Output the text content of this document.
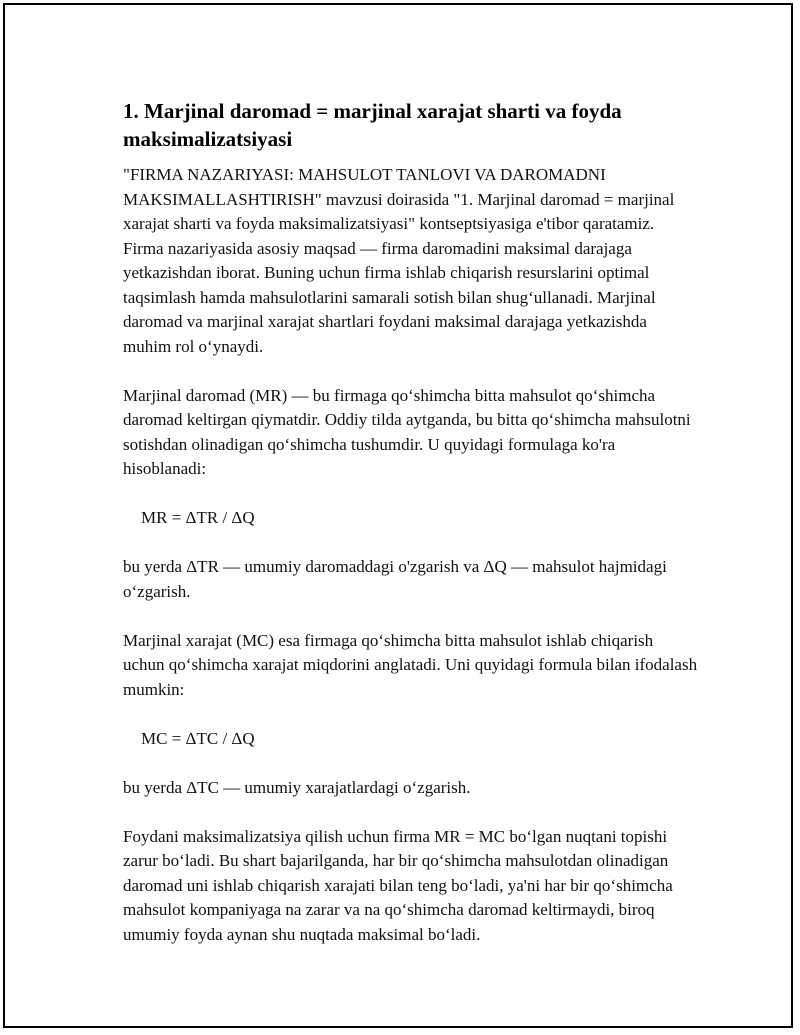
1. Marjinal daromad = marjinal xarajat sharti va foyda maksimalizatsiyasi

"FIRMA NAZARIYASI: MAHSULOT TANLOVI VA DAROMADNI MAKSIMALLASHTIRISH" mavzusi doirasida "1. Marjinal daromad = marjinal xarajat sharti va foyda maksimalizatsiyasi" kontseptsiyasiga e'tibor qaratamiz. Firma nazariyasida asosiy maqsad — firma daromadini maksimal darajaga yetkazishdan iborat. Buning uchun firma ishlab chiqarish resurslarini optimal taqsimlash hamda mahsulotlarini samarali sotish bilan shug‘ullanadi. Marjinal daromad va marjinal xarajat shartlari foydani maksimal darajaga yetkazishda muhim rol o‘ynaydi.

Marjinal daromad (MR) — bu firmaga qo‘shimcha bitta mahsulot qo‘shimcha daromad keltirgan qiymatdir. Oddiy tilda aytganda, bu bitta qo‘shimcha mahsulotni sotishdan olinadigan qo‘shimcha tushumdir. U quyidagi formulaga ko'ra hisoblanadi:

MR = ΔTR / ΔQ

bu yerda ΔTR — umumiy daromaddagi o'zgarish va ΔQ — mahsulot hajmidagi o‘zgarish.

Marjinal xarajat (MC) esa firmaga qo‘shimcha bitta mahsulot ishlab chiqarish uchun qo‘shimcha xarajat miqdorini anglatadi. Uni quyidagi formula bilan ifodalash mumkin:

MC = ΔTC / ΔQ

bu yerda ΔTC — umumiy xarajatlardagi o‘zgarish.

Foydani maksimalizatsiya qilish uchun firma MR = MC bo‘lgan nuqtani topishi zarur bo‘ladi. Bu shart bajarilganda, har bir qo‘shimcha mahsulotdan olinadigan daromad uni ishlab chiqarish xarajati bilan teng bo‘ladi, ya'ni har bir qo‘shimcha mahsulot kompaniyaga na zarar va na qo‘shimcha daromad keltirmaydi, biroq umumiy foyda aynan shu nuqtada maksimal bo‘ladi.
